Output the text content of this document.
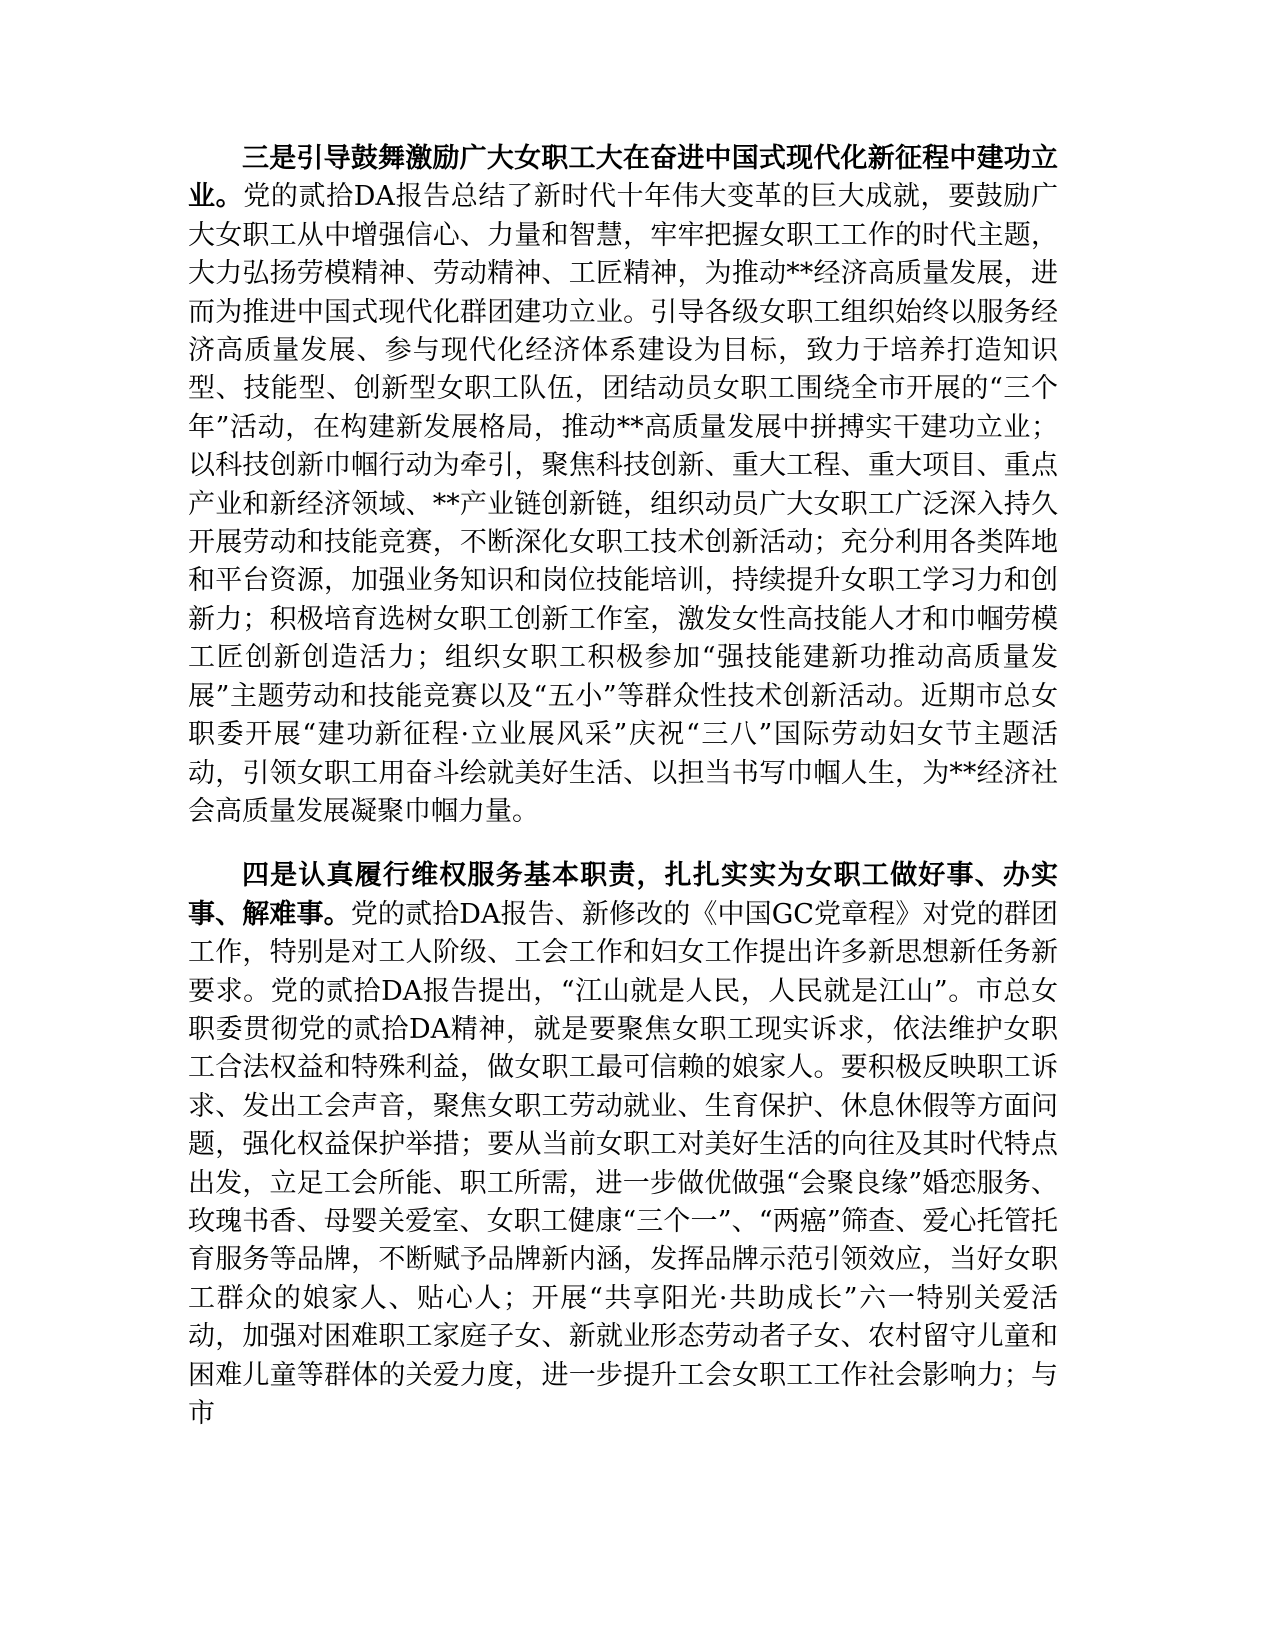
三是引导鼓舞激励广大女职工大在奋进中国式现代化新征程中建功立业。党的贰拾DA报告总结了新时代十年伟大变革的巨大成就，要鼓励广大女职工从中增强信心、力量和智慧，牢牢把握女职工工作的时代主题，大力弘扬劳模精神、劳动精神、工匠精神，为推动**经济高质量发展，进而为推进中国式现代化群团建功立业。引导各级女职工组织始终以服务经济高质量发展、参与现代化经济体系建设为目标，致力于培养打造知识型、技能型、创新型女职工队伍，团结动员女职工围绕全市开展的“三个年”活动，在构建新发展格局，推动**高质量发展中拼搏实干建功立业；以科技创新巾帼行动为牵引，聚焦科技创新、重大工程、重大项目、重点产业和新经济领域、**产业链创新链，组织动员广大女职工广泛深入持久开展劳动和技能竞赛，不断深化女职工技术创新活动；充分利用各类阵地和平台资源，加强业务知识和岗位技能培训，持续提升女职工学习力和创新力；积极培育选树女职工创新工作室，激发女性高技能人才和巾帼劳模工匠创新创造活力；组织女职工积极参加“强技能建新功推动高质量发展”主题劳动和技能竞赛以及“五小”等群众性技术创新活动。近期市总女职委开展“建功新征程·立业展风采”庆祝“三八”国际劳动妇女节主题活动，引领女职工用奋斗绘就美好生活、以担当书写巾帼人生，为**经济社会高质量发展凝聚巾帼力量。

四是认真履行维权服务基本职责，扎扎实实为女职工做好事、办实事、解难事。党的贰拾DA报告、新修改的《中国GC党章程》对党的群团工作，特别是对工人阶级、工会工作和妇女工作提出许多新思想新任务新要求。党的贰拾DA报告提出，“江山就是人民，人民就是江山”。市总女职委贯彻党的贰拾DA精神，就是要聚焦女职工现实诉求，依法维护女职工合法权益和特殊利益，做女职工最可信赖的娘家人。要积极反映职工诉求、发出工会声音，聚焦女职工劳动就业、生育保护、休息休假等方面问题，强化权益保护举措；要从当前女职工对美好生活的向往及其时代特点出发，立足工会所能、职工所需，进一步做优做强“会聚良缘”婚恋服务、玫瑰书香、母婴关爱室、女职工健康“三个一”、“两癌”筛查、爱心托管托育服务等品牌，不断赋予品牌新内涵，发挥品牌示范引领效应，当好女职工群众的娘家人、贴心人；开展“共享阳光·共助成长”六一特别关爱活动，加强对困难职工家庭子女、新就业形态劳动者子女、农村留守儿童和困难儿童等群体的关爱力度，进一步提升工会女职工工作社会影响力；与市
